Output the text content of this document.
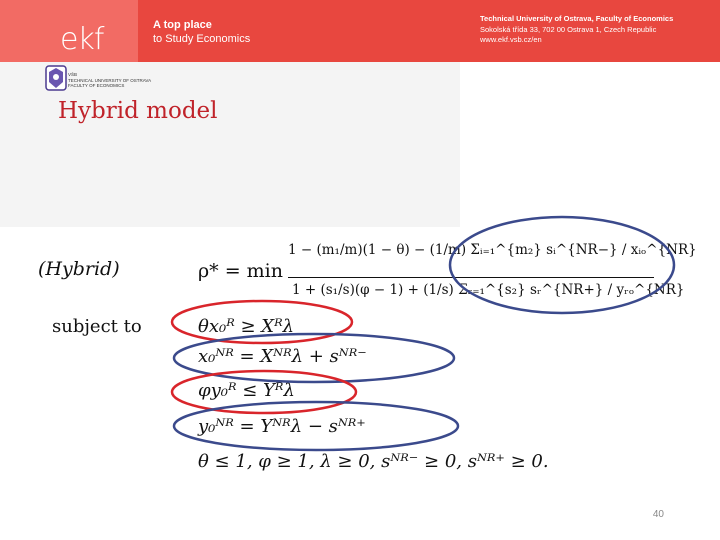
ekf	A top place
to Study Economics
Technical University of Ostrava, Faculty of Economics
Sokolská třída 33, 702 00 Ostrava 1, Czech Republic
www.ekf.vsb.cz/en
VŠB
TECHNICAL UNIVERSITY OF OSTRAVA
FACULTY OF ECONOMICS
Hybrid model
(Hybrid)	ρ* = min
1 − (m₁/m)(1 − θ) − (1/m) Σᵢ₌₁^{m₂} sᵢ^{NR−} / xᵢₒ^{NR}
1 + (s₁/s)(φ − 1) + (1/s) Σᵣ₌₁^{s₂} sᵣ^{NR+} / yᵣₒ^{NR}
subject to	θx₀ᴿ ≥ Xᴿλ
x₀ᴺᴿ = Xᴺᴿλ + sᴺᴿ⁻
φy₀ᴿ ≤ Yᴿλ
y₀ᴺᴿ = Yᴺᴿλ − sᴺᴿ⁺
θ ≤ 1, φ ≥ 1, λ ≥ 0, sᴺᴿ⁻ ≥ 0, sᴺᴿ⁺ ≥ 0.
40
